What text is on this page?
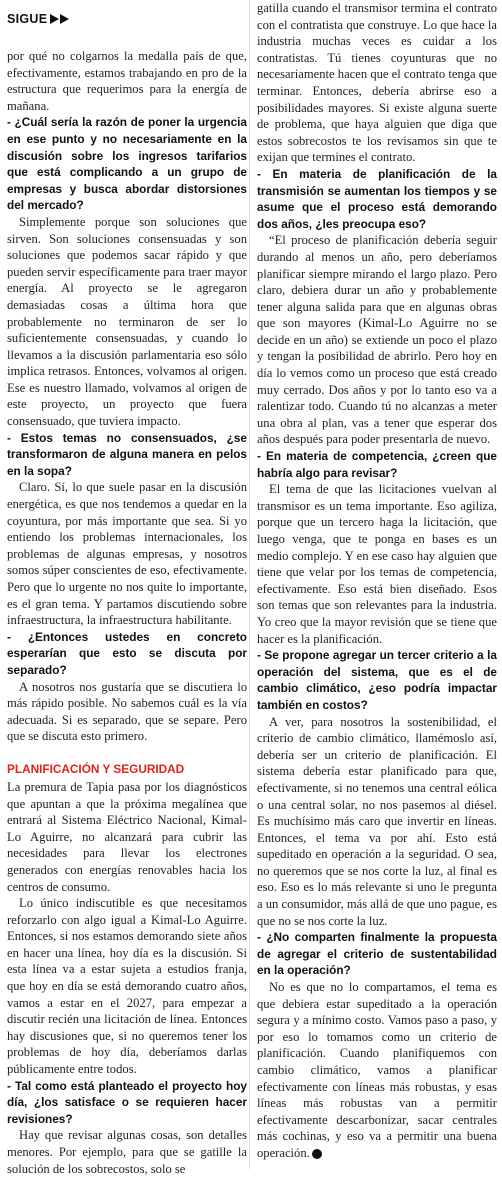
SIGUE

por qué no colgarnos la medalla país de que, efectivamente, estamos trabajando en pro de la estructura que requerimos para la energía de mañana.

- ¿Cuál sería la razón de poner la urgencia en ese punto y no necesariamente en la discusión sobre los ingresos tarifarios que está complicando a un grupo de empresas y busca abordar distorsiones del mercado?

Simplemente porque son soluciones que sirven. Son soluciones consensuadas y son soluciones que podemos sacar rápido y que pueden servir específicamente para traer mayor energía. Al proyecto se le agregaron demasiadas cosas a última hora que probablemente no terminaron de ser lo suficientemente consensuadas, y cuando lo llevamos a la discusión parlamentaria eso sólo implica retrasos. Entonces, volvamos al origen. Ese es nuestro llamado, volvamos al origen de este proyecto, un proyecto que fuera consensuado, que tuviera impacto.

- Estos temas no consensuados, ¿se transformaron de alguna manera en pelos en la sopa?

Claro. Sí, lo que suele pasar en la discusión energética, es que nos tendemos a quedar en la coyuntura, por más importante que sea. Si yo entiendo los problemas internacionales, los problemas de algunas empresas, y nosotros somos súper conscientes de eso, efectivamente. Pero que lo urgente no nos quite lo importante, es el gran tema. Y partamos discutiendo sobre infraestructura, la infraestructura habilitante.

- ¿Entonces ustedes en concreto esperarían que esto se discuta por separado?

A nosotros nos gustaría que se discutiera lo más rápido posible. No sabemos cuál es la vía adecuada. Si es separado, que se separe. Pero que se discuta esto primero.

PLANIFICACIÓN Y SEGURIDAD

La premura de Tapia pasa por los diagnósticos que apuntan a que la próxima megalínea que entrará al Sistema Eléctrico Nacional, Kimal-Lo Aguirre, no alcanzará para cubrir las necesidades para llevar los electrones generados con energías renovables hacia los centros de consumo.

Lo único indiscutible es que necesitamos reforzarlo con algo igual a Kimal-Lo Aguirre. Entonces, si nos estamos demorando siete años en hacer una línea, hoy día es la discusión. Si esta línea va a estar sujeta a estudios franja, que hoy en día se está demorando cuatro años, vamos a estar en el 2027, para empezar a discutir recién una licitación de línea. Entonces hay discusiones que, si no queremos tener los problemas de hoy día, deberíamos darlas públicamente entre todos.

- Tal como está planteado el proyecto hoy día, ¿los satisface o se requieren hacer revisiones?

Hay que revisar algunas cosas, son detalles menores. Por ejemplo, para que se gatille la solución de los sobrecostos, solo se

gatilla cuando el transmisor termina el contrato con el contratista que construye. Lo que hace la industria muchas veces es cuidar a los contratistas. Tú tienes coyunturas que no necesariamente hacen que el contrato tenga que terminar. Entonces, debería abrirse eso a posibilidades mayores. Si existe alguna suerte de problema, que haya alguien que diga que estos sobrecostos te los revisamos sin que te exijan que termines el contrato.

- En materia de planificación de la transmisión se aumentan los tiempos y se asume que el proceso está demorando dos años, ¿les preocupa eso?

“El proceso de planificación debería seguir durando al menos un año, pero deberíamos planificar siempre mirando el largo plazo. Pero claro, debiera durar un año y probablemente tener alguna salida para que en algunas obras que son mayores (Kimal-Lo Aguirre no se decide en un año) se extiende un poco el plazo y tengan la posibilidad de abrirlo. Pero hoy en día lo vemos como un proceso que está creado muy cerrado. Dos años y por lo tanto eso va a ralentizar todo. Cuando tú no alcanzas a meter una obra al plan, vas a tener que esperar dos años después para poder presentarla de nuevo.

- En materia de competencia, ¿creen que habría algo para revisar?

El tema de que las licitaciones vuelvan al transmisor es un tema importante. Eso agiliza, porque que un tercero haga la licitación, que luego venga, que te ponga en bases es un medio complejo. Y en ese caso hay alguien que tiene que velar por los temas de competencia, efectivamente. Eso está bien diseñado. Esos son temas que son relevantes para la industria. Yo creo que la mayor revisión que se tiene que hacer es la planificación.

- Se propone agregar un tercer criterio a la operación del sistema, que es el de cambio climático, ¿eso podría impactar también en costos?

A ver, para nosotros la sostenibilidad, el criterio de cambio climático, llamémoslo así, debería ser un criterio de planificación. El sistema debería estar planificado para que, efectivamente, si no tenemos una central eólica o una central solar, no nos pasemos al diésel. Es muchísimo más caro que invertir en líneas. Entonces, el tema va por ahí. Esto está supeditado en operación a la seguridad. O sea, no queremos que se nos corte la luz, al final es eso. Eso es lo más relevante si uno le pregunta a un consumidor, más allá de que uno pague, es que no se nos corte la luz.

- ¿No comparten finalmente la propuesta de agregar el criterio de sustentabilidad en la operación?

No es que no lo compartamos, el tema es que debiera estar supeditado a la operación segura y a mínimo costo. Vamos paso a paso, y por eso lo tomamos como un criterio de planificación. Cuando planifiquemos con cambio climático, vamos a planificar efectivamente con líneas más robustas, y esas líneas más robustas van a permitir efectivamente descarbonizar, sacar centrales más cochinas, y eso va a permitir una buena operación. P
